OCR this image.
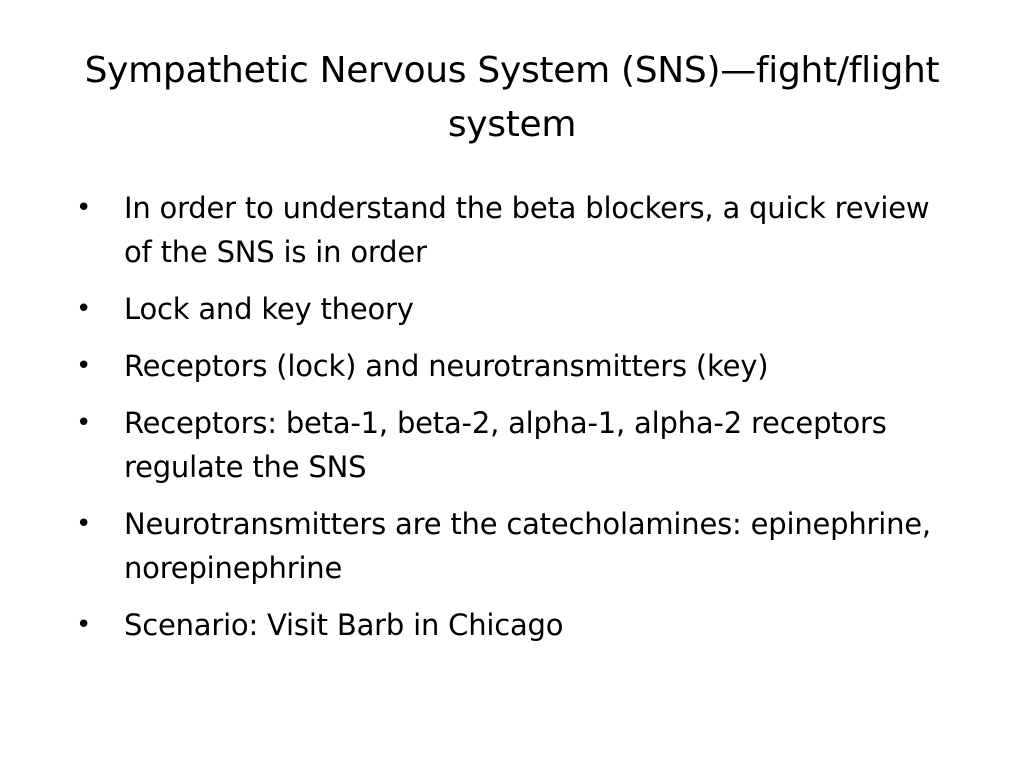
Sympathetic Nervous System (SNS)—fight/flight system
• In order to understand the beta blockers, a quick review of the SNS is in order
• Lock and key theory
• Receptors (lock) and neurotransmitters (key)
• Receptors: beta-1, beta-2, alpha-1, alpha-2 receptors regulate the SNS
• Neurotransmitters are the catecholamines: epinephrine, norepinephrine
• Scenario: Visit Barb in Chicago
